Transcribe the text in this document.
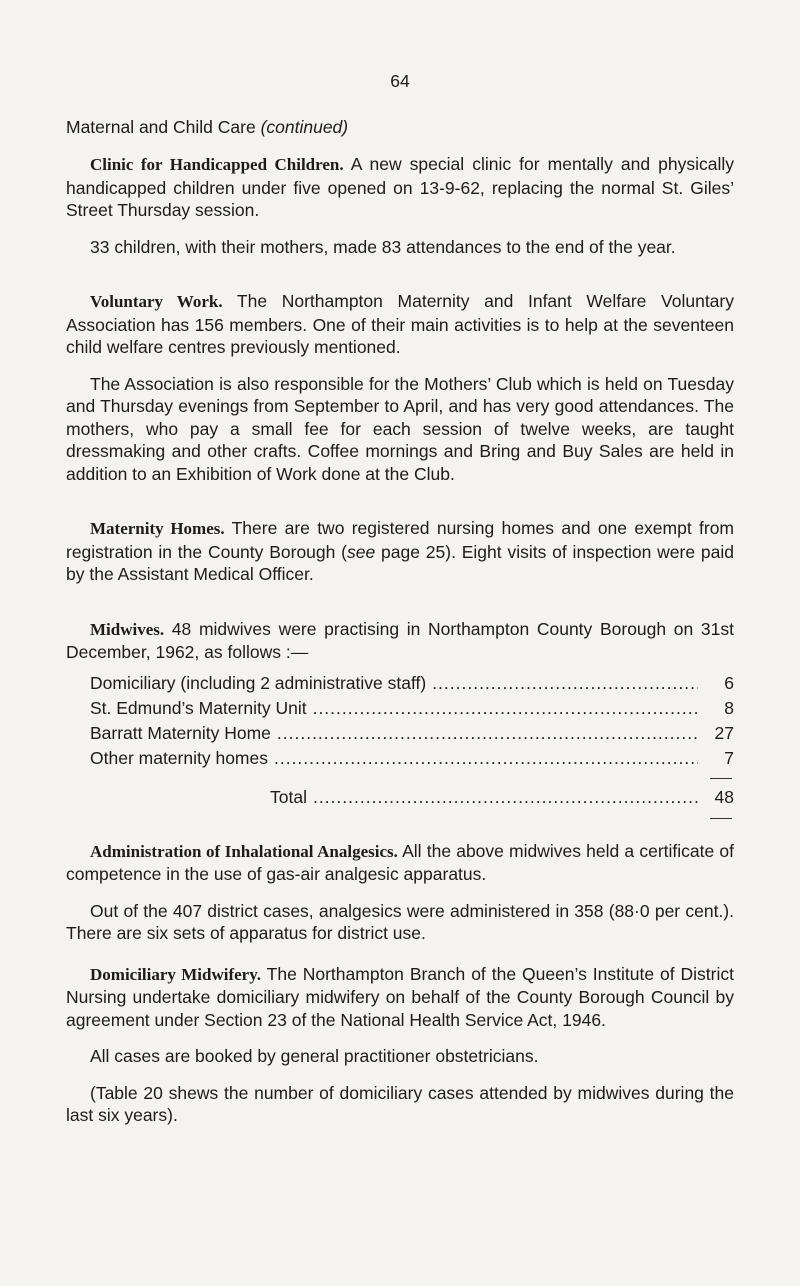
64
Maternal and Child Care (continued)

Clinic for Handicapped Children. A new special clinic for mentally and physically handicapped children under five opened on 13-9-62, replacing the normal St. Giles’ Street Thursday session.

33 children, with their mothers, made 83 attendances to the end of the year.

Voluntary Work. The Northampton Maternity and Infant Welfare Voluntary Association has 156 members. One of their main activities is to help at the seventeen child welfare centres previously mentioned.

The Association is also responsible for the Mothers’ Club which is held on Tuesday and Thursday evenings from September to April, and has very good attendances. The mothers, who pay a small fee for each session of twelve weeks, are taught dressmaking and other crafts. Coffee mornings and Bring and Buy Sales are held in addition to an Exhibition of Work done at the Club.

Maternity Homes. There are two registered nursing homes and one exempt from registration in the County Borough (see page 25). Eight visits of inspection were paid by the Assistant Medical Officer.

Midwives. 48 midwives were practising in Northampton County Borough on 31st December, 1962, as follows :—

Domiciliary (including 2 administrative staff) .....	6
St. Edmund’s Maternity Unit .....	8
Barratt Maternity Home .....	27
Other maternity homes .....	7
Total .....	48

Administration of Inhalational Analgesics. All the above midwives held a certificate of competence in the use of gas-air analgesic apparatus.

Out of the 407 district cases, analgesics were administered in 358 (88·0 per cent.). There are six sets of apparatus for district use.

Domiciliary Midwifery. The Northampton Branch of the Queen’s Institute of District Nursing undertake domiciliary midwifery on behalf of the County Borough Council by agreement under Section 23 of the National Health Service Act, 1946.

All cases are booked by general practitioner obstetricians.

(Table 20 shews the number of domiciliary cases attended by midwives during the last six years).
